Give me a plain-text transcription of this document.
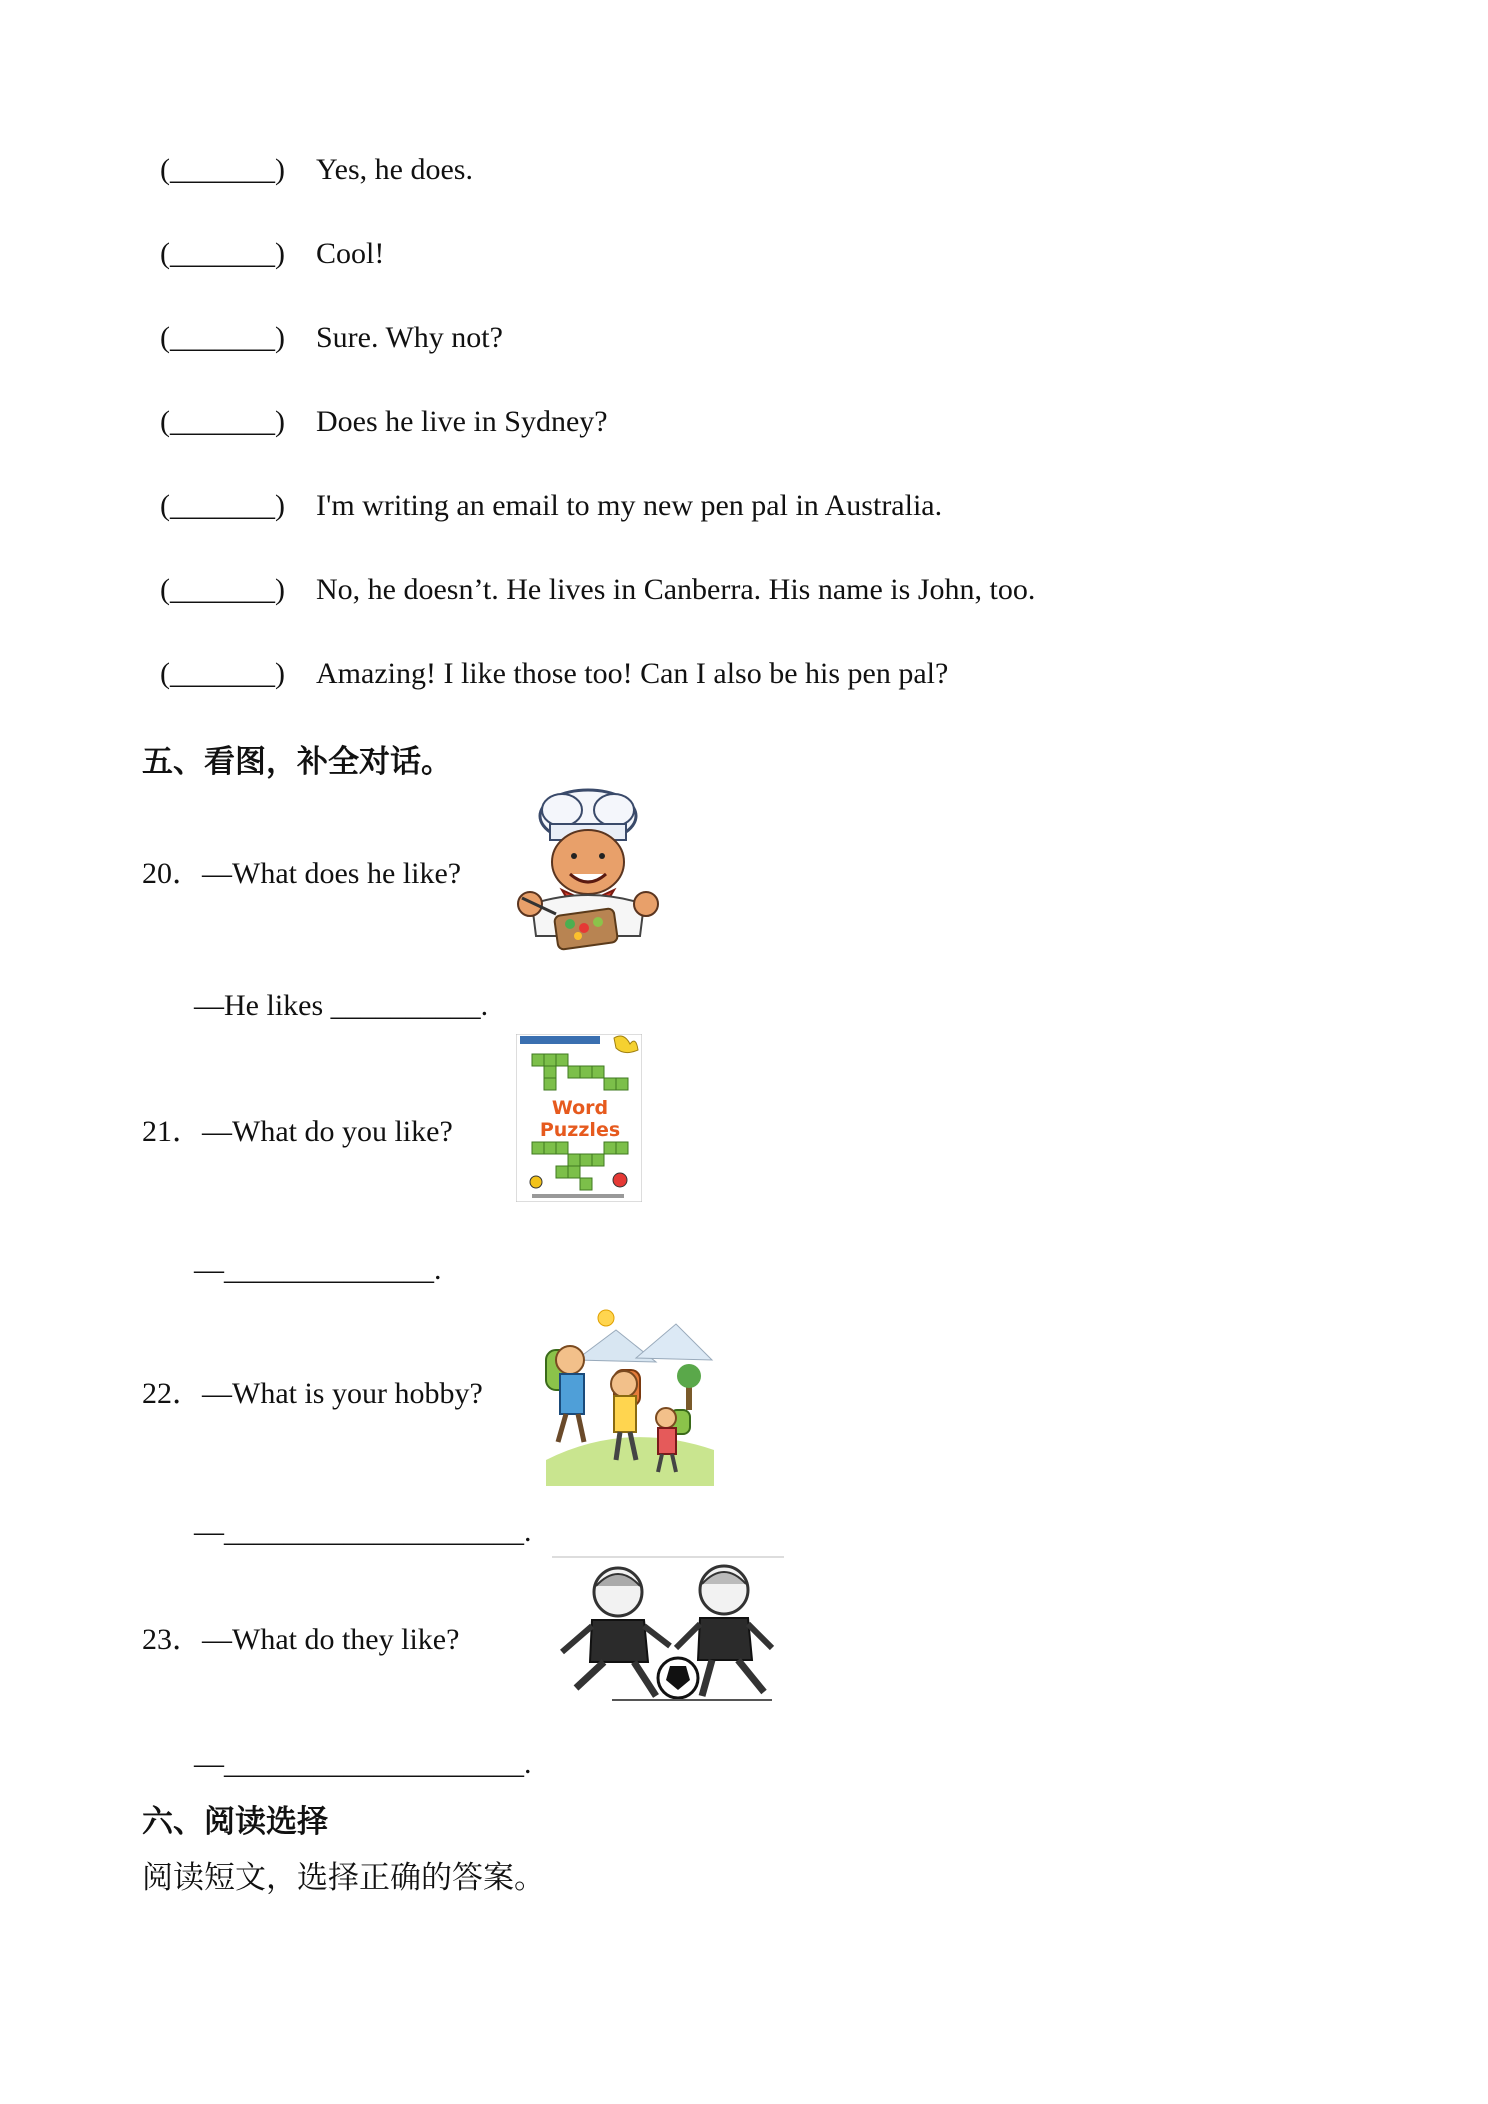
(_______) Yes, he does.
(_______) Cool!
(_______) Sure. Why not?
(_______) Does he live in Sydney?
(_______) I'm writing an email to my new pen pal in Australia.
(_______) No, he doesn’t. He lives in Canberra. His name is John, too.
(_______) Amazing! I like those too! Can I also be his pen pal?
五、看图，补全对话。
20．—What does he like?
—He likes __________.
21．—What do you like?
Word
Puzzles
—______________.
22．—What is your hobby?
—____________________.
23．—What do they like?
—____________________.
六、阅读选择
阅读短文，选择正确的答案。
